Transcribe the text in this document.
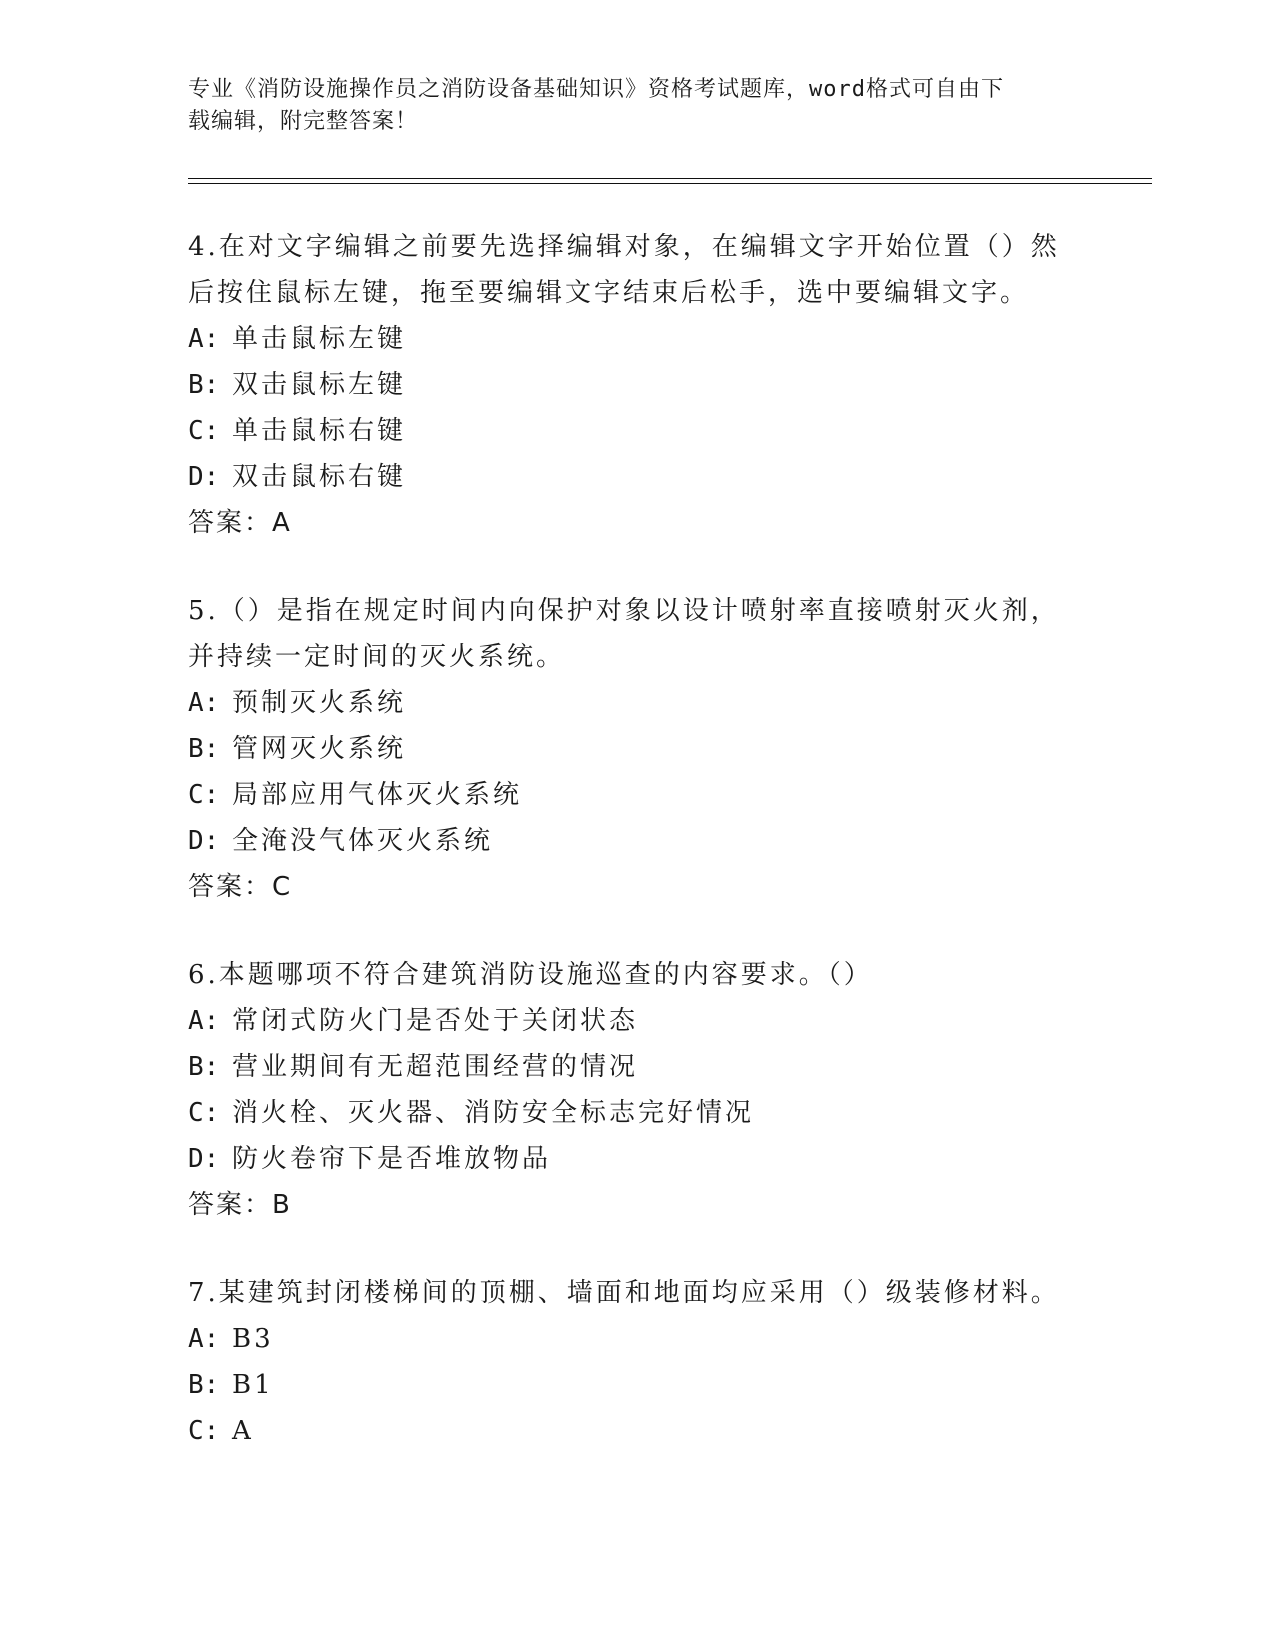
专业《消防设施操作员之消防设备基础知识》资格考试题库，word格式可自由下
载编辑，附完整答案！
4.在对文字编辑之前要先选择编辑对象，在编辑文字开始位置（）然
后按住鼠标左键，拖至要编辑文字结束后松手，选中要编辑文字。
A: 单击鼠标左键
B: 双击鼠标左键
C: 单击鼠标右键
D: 双击鼠标右键
答案：A
5.（）是指在规定时间内向保护对象以设计喷射率直接喷射灭火剂，
并持续一定时间的灭火系统。
A: 预制灭火系统
B: 管网灭火系统
C: 局部应用气体灭火系统
D: 全淹没气体灭火系统
答案：C
6.本题哪项不符合建筑消防设施巡查的内容要求。（）
A: 常闭式防火门是否处于关闭状态
B: 营业期间有无超范围经营的情况
C: 消火栓、灭火器、消防安全标志完好情况
D: 防火卷帘下是否堆放物品
答案：B
7.某建筑封闭楼梯间的顶棚、墙面和地面均应采用（）级装修材料。
A: B3
B: B1
C: A
